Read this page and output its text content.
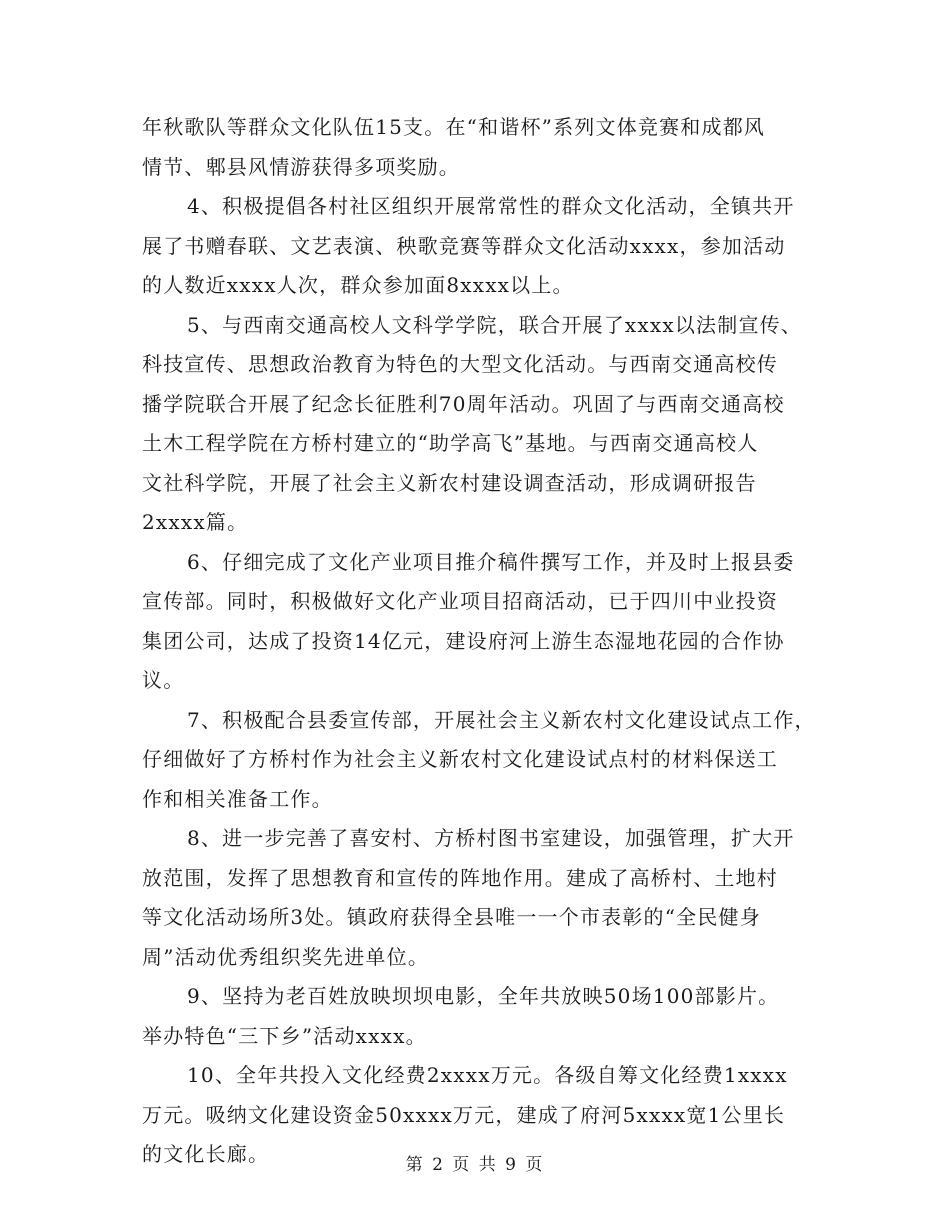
年秋歌队等群众文化队伍15支。在“和谐杯”系列文体竞赛和成都风
情节、郫县风情游获得多项奖励。
4、积极提倡各村社区组织开展常常性的群众文化活动，全镇共开
展了书赠春联、文艺表演、秧歌竞赛等群众文化活动xxxx，参加活动
的人数近xxxx人次，群众参加面8xxxx以上。
5、与西南交通高校人文科学学院，联合开展了xxxx以法制宣传、
科技宣传、思想政治教育为特色的大型文化活动。与西南交通高校传
播学院联合开展了纪念长征胜利70周年活动。巩固了与西南交通高校
土木工程学院在方桥村建立的“助学高飞”基地。与西南交通高校人
文社科学院，开展了社会主义新农村建设调查活动，形成调研报告
2xxxx篇。
6、仔细完成了文化产业项目推介稿件撰写工作，并及时上报县委
宣传部。同时，积极做好文化产业项目招商活动，已于四川中业投资
集团公司，达成了投资14亿元，建设府河上游生态湿地花园的合作协
议。
7、积极配合县委宣传部，开展社会主义新农村文化建设试点工作，
仔细做好了方桥村作为社会主义新农村文化建设试点村的材料保送工
作和相关准备工作。
8、进一步完善了喜安村、方桥村图书室建设，加强管理，扩大开
放范围，发挥了思想教育和宣传的阵地作用。建成了高桥村、土地村
等文化活动场所3处。镇政府获得全县唯一一个市表彰的“全民健身
周”活动优秀组织奖先进单位。
9、坚持为老百姓放映坝坝电影，全年共放映50场100部影片。
举办特色“三下乡”活动xxxx。
10、全年共投入文化经费2xxxx万元。各级自筹文化经费1xxxx
万元。吸纳文化建设资金50xxxx万元，建成了府河5xxxx宽1公里长
的文化长廊。	第 2 页 共 9 页
